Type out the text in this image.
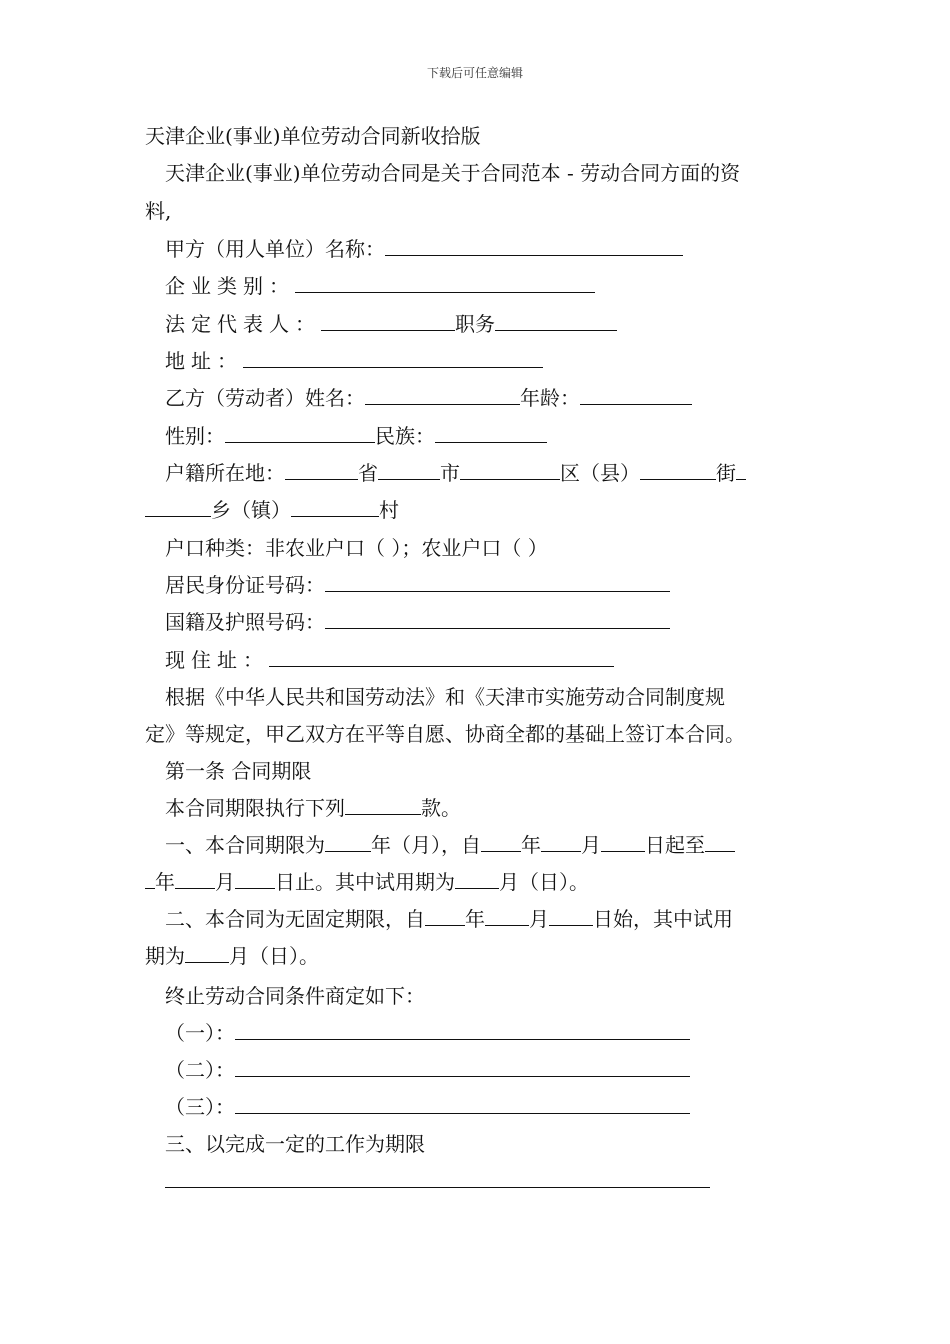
下载后可任意编辑
天津企业(事业)单位劳动合同新收拾版
天津企业(事业)单位劳动合同是关于合同范本 - 劳动合同方面的资
料,
甲方（用人单位）名称：
企业类别：
法定代表人：	职务
地址：
乙方（劳动者）姓名：	年龄：
性别：	民族：
户籍所在地：	省	市	区（县）	街
乡（镇）	村
户口种类：非农业户口（ ）；农业户口（ ）
居民身份证号码：
国籍及护照号码：
现住址：
根据《中华人民共和国劳动法》和《天津市实施劳动合同制度规
定》等规定，甲乙双方在平等自愿、协商全都的基础上签订本合同。
第一条 合同期限
本合同期限执行下列	款。
一、本合同期限为 年（月），自 年 月 日起至
年 月 日止。其中试用期为 月（日）。
二、本合同为无固定期限，自 年 月 日始，其中试用
期为 月（日）。
终止劳动合同条件商定如下：
（一）：
（二）：
（三）：
三、以完成一定的工作为期限
